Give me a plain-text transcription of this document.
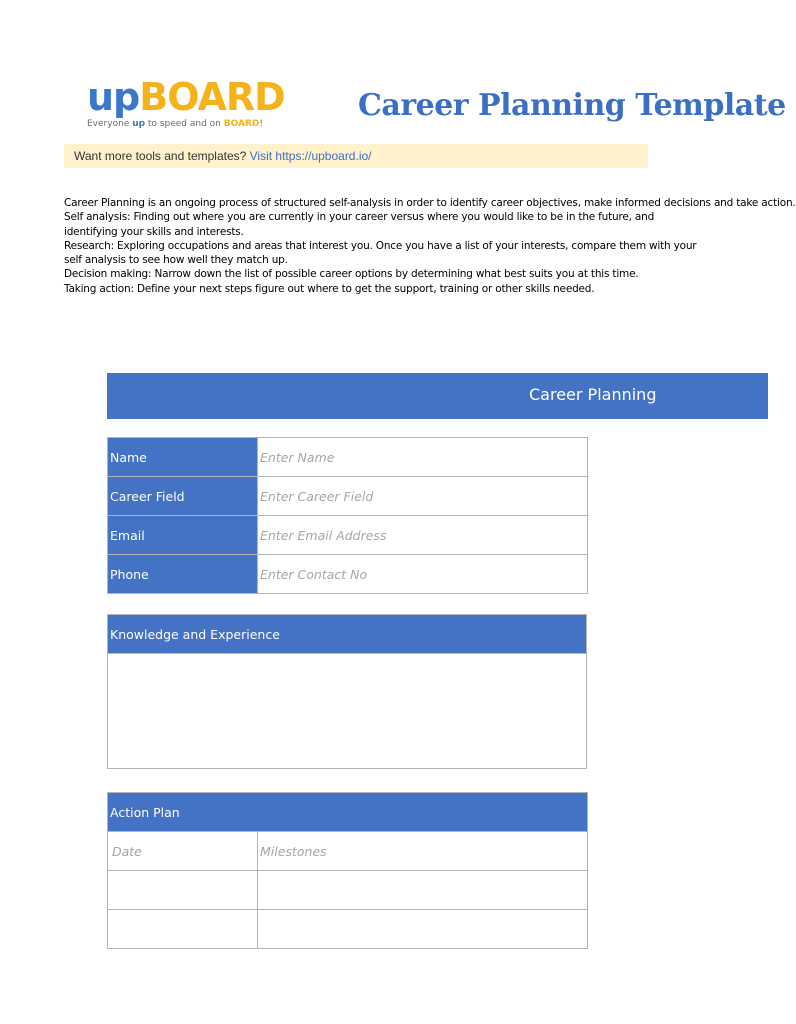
upBOARD
Everyone up to speed and on BOARD!
Career Planning Template
Want more tools and templates? Visit https://upboard.io/
Career Planning is an ongoing process of structured self-analysis in order to identify career objectives, make informed decisions and take action.
Self analysis: Finding out where you are currently in your career versus where you would like to be in the future, and identifying your skills and interests.
Research: Exploring occupations and areas that interest you. Once you have a list of your interests, compare them with your self analysis to see how well they match up.
Decision making: Narrow down the list of possible career options by determining what best suits you at this time.
Taking action: Define your next steps figure out where to get the support, training or other skills needed.
Career Planning
Name	Enter Name
Career Field	Enter Career Field
Email	Enter Email Address
Phone	Enter Contact No
Knowledge and Experience

Action Plan	
Date	Milestones
